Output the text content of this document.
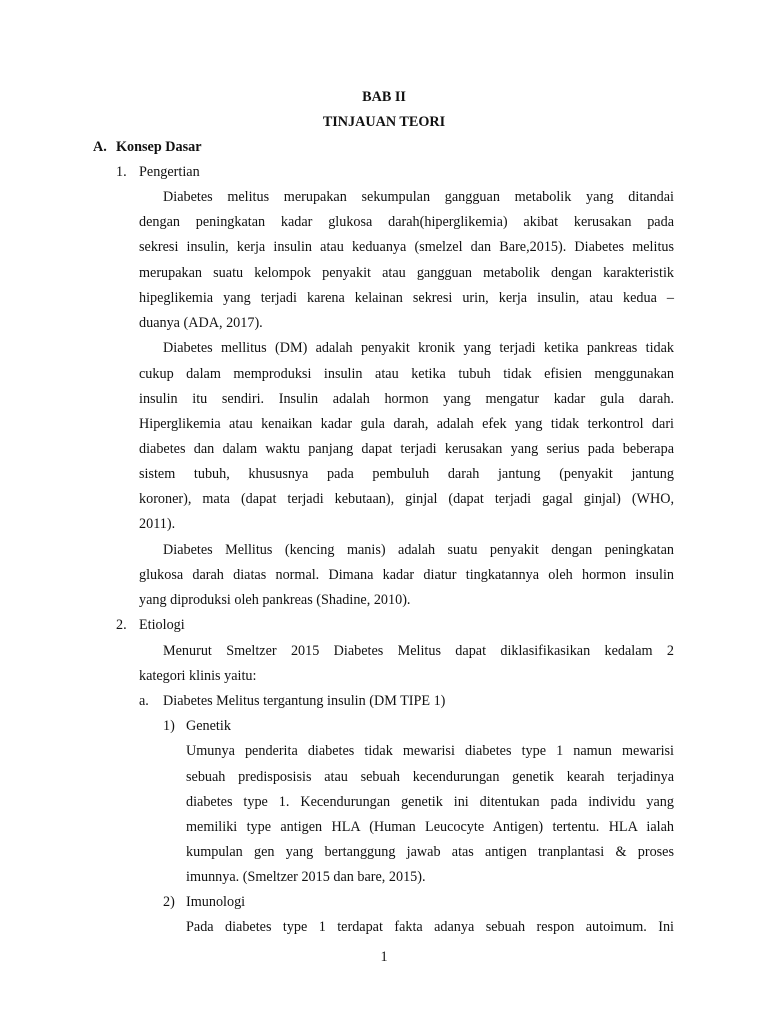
BAB II
TINJAUAN TEORI
A. Konsep Dasar
1. Pengertian
Diabetes melitus merupakan sekumpulan gangguan metabolik yang ditandai
dengan peningkatan kadar glukosa darah(hiperglikemia) akibat kerusakan pada
sekresi insulin, kerja insulin atau keduanya (smelzel dan Bare,2015). Diabetes melitus
merupakan suatu kelompok penyakit atau gangguan metabolik dengan karakteristik
hipeglikemia yang terjadi karena kelainan sekresi urin, kerja insulin, atau kedua –
duanya (ADA, 2017).
Diabetes mellitus (DM) adalah penyakit kronik yang terjadi ketika pankreas tidak
cukup dalam memproduksi insulin atau ketika tubuh tidak efisien menggunakan
insulin itu sendiri. Insulin adalah hormon yang mengatur kadar gula darah.
Hiperglikemia atau kenaikan kadar gula darah, adalah efek yang tidak terkontrol dari
diabetes dan dalam waktu panjang dapat terjadi kerusakan yang serius pada beberapa
sistem tubuh, khususnya pada pembuluh darah jantung (penyakit jantung
koroner), mata (dapat terjadi kebutaan), ginjal (dapat terjadi gagal ginjal) (WHO,
2011).
Diabetes Mellitus (kencing manis) adalah suatu penyakit dengan peningkatan
glukosa darah diatas normal. Dimana kadar diatur tingkatannya oleh hormon insulin
yang diproduksi oleh pankreas (Shadine, 2010).
2. Etiologi
Menurut Smeltzer 2015 Diabetes Melitus dapat diklasifikasikan kedalam 2
kategori klinis yaitu:
a. Diabetes Melitus tergantung insulin (DM TIPE 1)
1) Genetik
Umunya penderita diabetes tidak mewarisi diabetes type 1 namun mewarisi
sebuah predisposisis atau sebuah kecendurungan genetik kearah terjadinya
diabetes type 1. Kecendurungan genetik ini ditentukan pada individu yang
memiliki type antigen HLA (Human Leucocyte Antigen) tertentu. HLA ialah
kumpulan gen yang bertanggung jawab atas antigen tranplantasi & proses
imunnya. (Smeltzer 2015 dan bare, 2015).
2) Imunologi
Pada diabetes type 1 terdapat fakta adanya sebuah respon autoimum. Ini
1
